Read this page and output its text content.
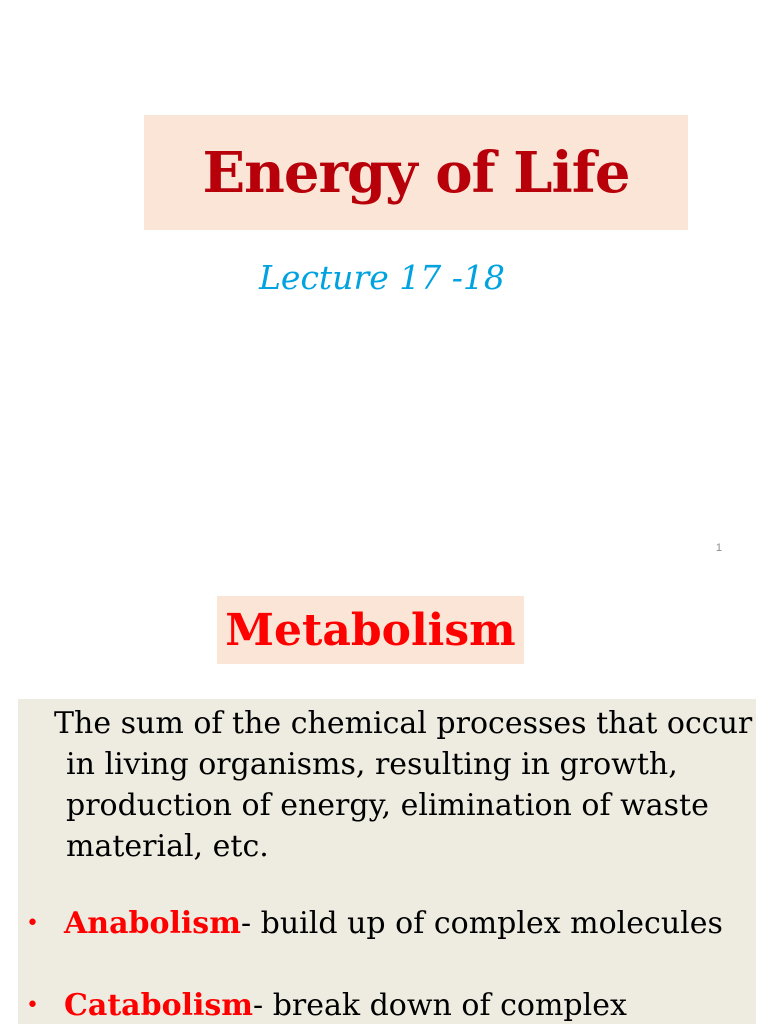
Energy of Life
Lecture 17 -18
1
Metabolism

The sum of the chemical processes that occur
in living organisms, resulting in growth,
production of energy, elimination of waste
material, etc.

• Anabolism- build up of complex molecules
• Catabolism- break down of complex
